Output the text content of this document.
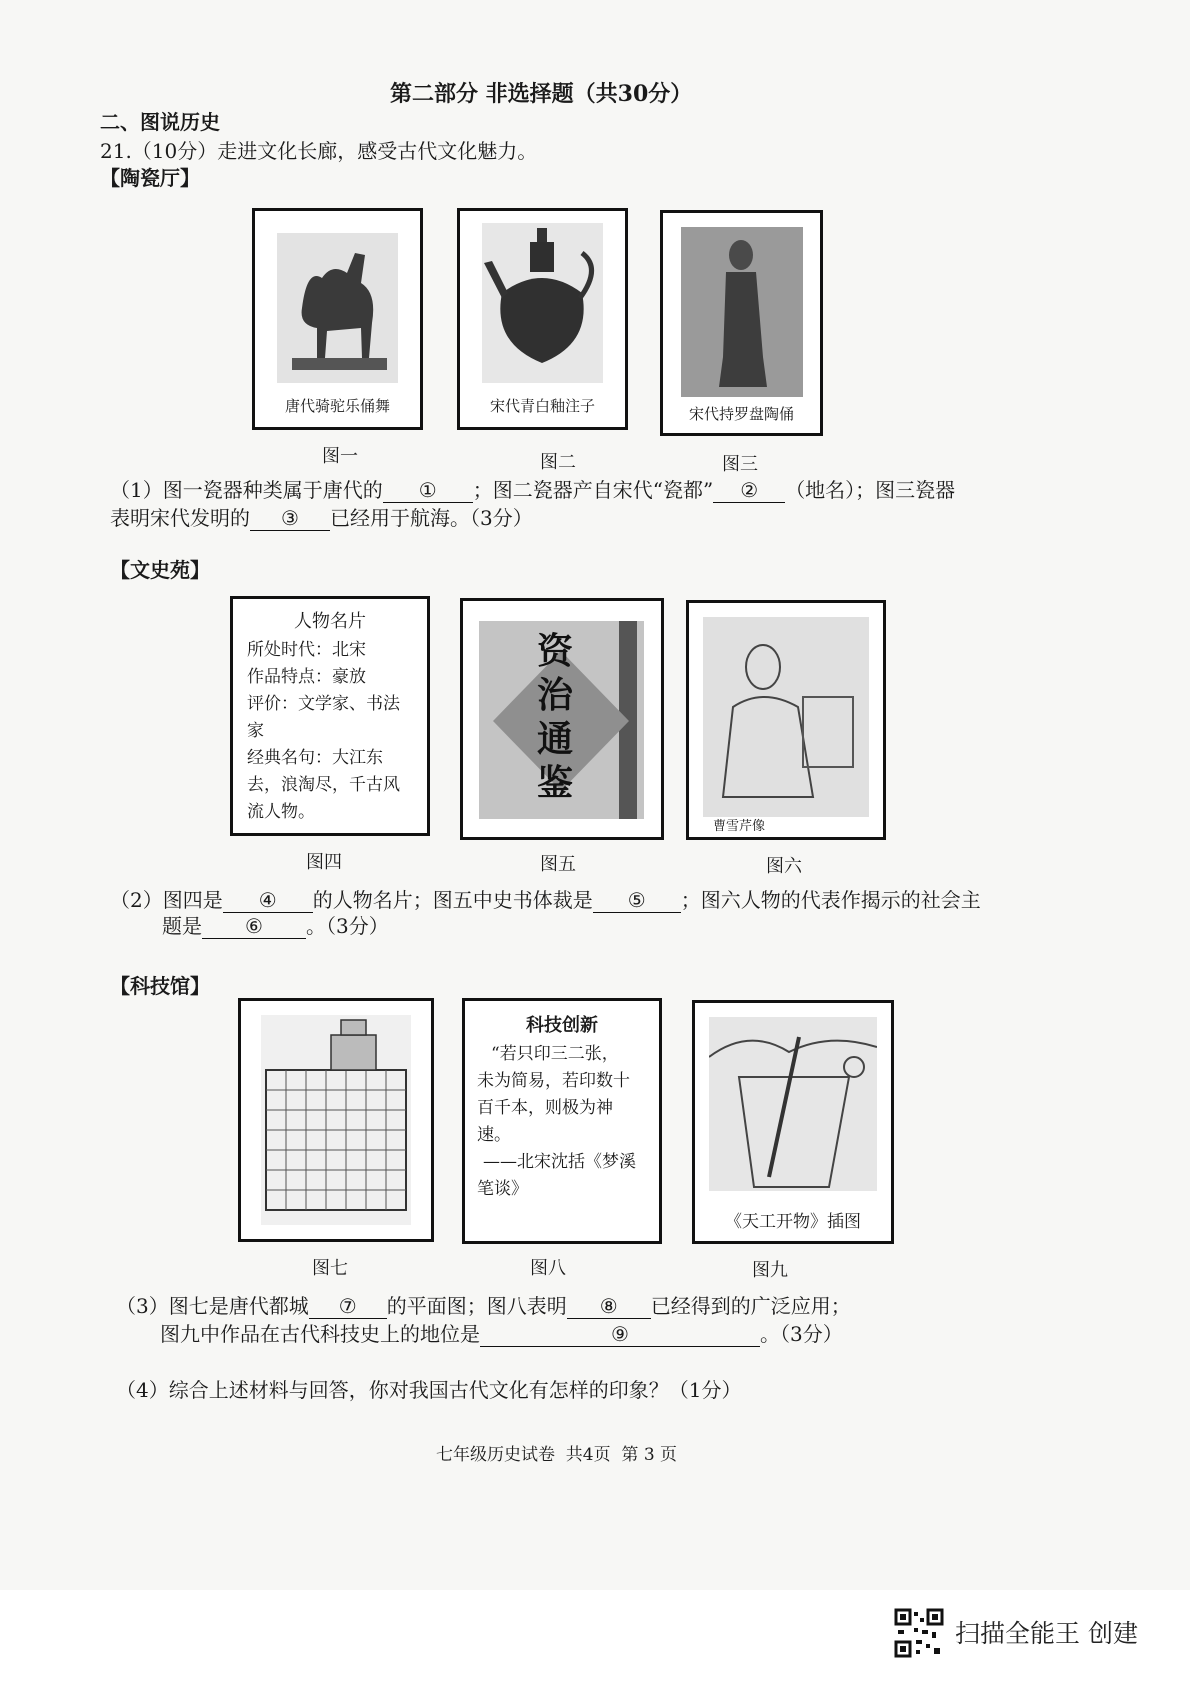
第二部分 非选择题（共30分）
二、图说历史
21.（10分）走进文化长廊，感受古代文化魅力。
【陶瓷厅】
唐代骑驼乐俑舞
图一
宋代青白釉注子
图二
宋代持罗盘陶俑
图三
（1）图一瓷器种类属于唐代的 ① ；图二瓷器产自宋代“瓷都” ② （地名）；图三瓷器
表明宋代发明的 ③ 已经用于航海。（3分）
【文史苑】
人物名片
所处时代：北宋
作品特点：豪放
评价：文学家、书法
家
经典名句：大江东
去，浪淘尽，千古风
流人物。
图四
资
治
通
鉴
图五
曹雪芹像
图六
（2）图四是 ④ 的人物名片；图五中史书体裁是 ⑤ ；图六人物的代表作揭示的社会主
题是 ⑥ 。（3分）
【科技馆】
图七
科技创新
“若只印三二张，
未为简易，若印数十
百千本，则极为神
速。
——北宋沈括《梦溪
笔谈》
图八
《天工开物》插图
图九
（3）图七是唐代都城 ⑦ 的平面图；图八表明 ⑧ 已经得到的广泛应用；
图九中作品在古代科技史上的地位是	⑨	。（3分）
（4）综合上述材料与回答，你对我国古代文化有怎样的印象？（1分）
七年级历史试卷  共4页  第 3 页
扫描全能王 创建
